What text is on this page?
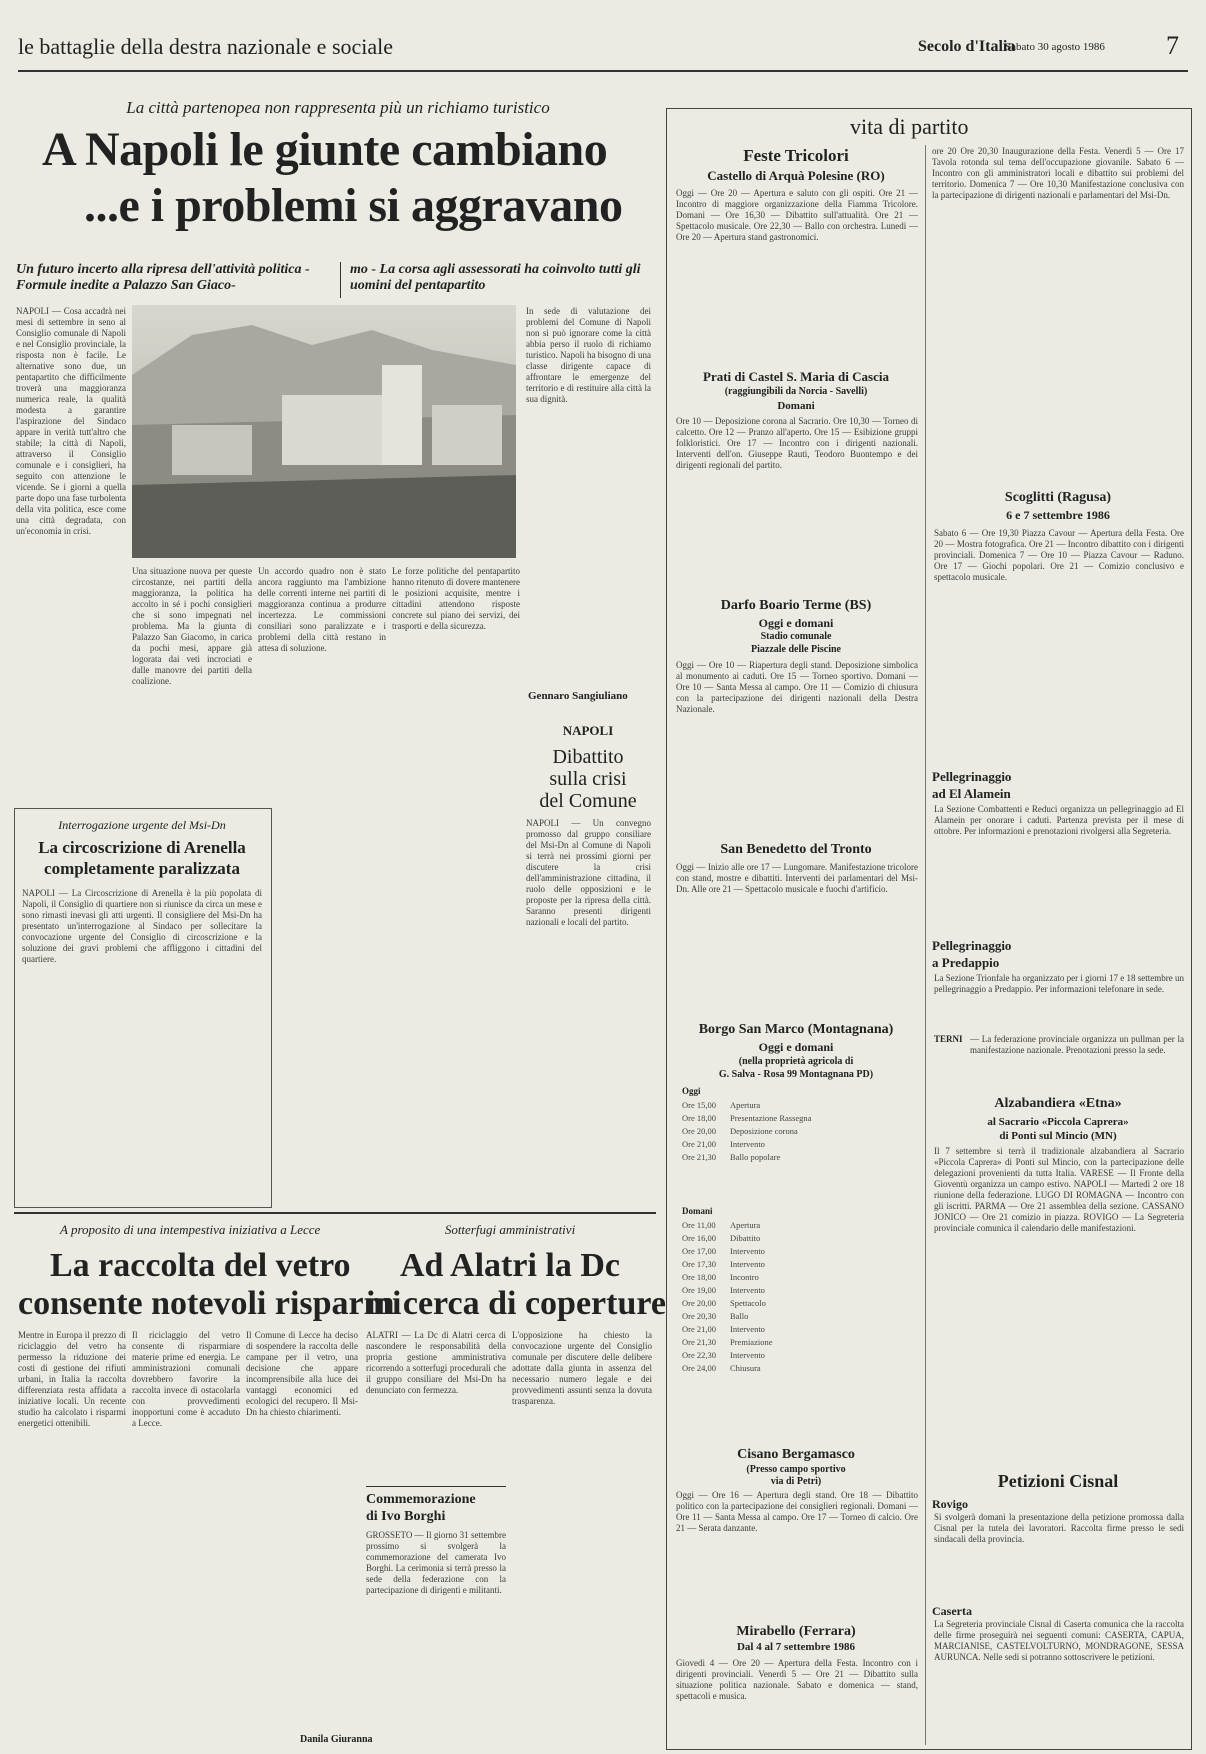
le battaglie della destra nazionale e sociale	Secolo d'Italia
Sabato 30 agosto 1986 7
La città partenopea non rappresenta più un richiamo turistico
A Napoli le giunte cambiano
...e i problemi si aggravano
Un futuro incerto alla ripresa dell'attività politica - Formule inedite a Palazzo San Giaco-
mo - La corsa agli assessorati ha coinvolto tutti gli uomini del pentapartito
NAPOLI — Cosa accadrà nei mesi di settembre in seno al Consiglio comunale di Napoli e nel Consiglio provinciale, la risposta non è facile. Le alternative sono due, un pentapartito che difficilmente troverà una maggioranza numerica reale, la qualità modesta a garantire l'aspirazione del Sindaco appare in verità tutt'altro che stabile; la città di Napoli, attraverso il Consiglio comunale e i consiglieri, ha seguito con attenzione le vicende. Se i giorni a quella parte dopo una fase turbolenta della vita politica, esce come una città degradata, con un'economia in crisi.
Una situazione nuova per queste circostanze, nei partiti della maggioranza, la politica ha accolto in sé i pochi consiglieri che si sono impegnati nel problema. Ma la giunta di Palazzo San Giacomo, in carica da pochi mesi, appare già logorata dai veti incrociati e dalle manovre dei partiti della coalizione.
Un accordo quadro non è stato ancora raggiunto ma l'ambizione delle correnti interne nei partiti di maggioranza continua a produrre incertezza. Le commissioni consiliari sono paralizzate e i problemi della città restano in attesa di soluzione.
Le forze politiche del pentapartito hanno ritenuto di dovere mantenere le posizioni acquisite, mentre i cittadini attendono risposte concrete sul piano dei servizi, dei trasporti e della sicurezza.
In sede di valutazione dei problemi del Comune di Napoli non si può ignorare come la città abbia perso il ruolo di richiamo turistico. Napoli ha bisogno di una classe dirigente capace di affrontare le emergenze del territorio e di restituire alla città la sua dignità.
Gennaro Sangiuliano
Interrogazione urgente del Msi-Dn
La circoscrizione di Arenella
completamente paralizzata
NAPOLI — La Circoscrizione di Arenella è la più popolata di Napoli, il Consiglio di quartiere non si riunisce da circa un mese e sono rimasti inevasi gli atti urgenti. Il consigliere del Msi-Dn ha presentato un'interrogazione al Sindaco per sollecitare la convocazione urgente del Consiglio di circoscrizione e la soluzione dei gravi problemi che affliggono i cittadini del quartiere.
NAPOLI
Dibattito
sulla crisi
del Comune
NAPOLI — Un convegno promosso dal gruppo consiliare del Msi-Dn al Comune di Napoli si terrà nei prossimi giorni per discutere la crisi dell'amministrazione cittadina, il ruolo delle opposizioni e le proposte per la ripresa della città. Saranno presenti dirigenti nazionali e locali del partito.
A proposito di una intempestiva iniziativa a Lecce
La raccolta del vetro
consente notevoli risparmi
Mentre in Europa il prezzo di riciclaggio del vetro ha permesso la riduzione dei costi di gestione dei rifiuti urbani, in Italia la raccolta differenziata resta affidata a iniziative locali. Un recente studio ha calcolato i risparmi energetici ottenibili.
Il riciclaggio del vetro consente di risparmiare materie prime ed energia. Le amministrazioni comunali dovrebbero favorire la raccolta invece di ostacolarla con provvedimenti inopportuni come è accaduto a Lecce.
Il Comune di Lecce ha deciso di sospendere la raccolta delle campane per il vetro, una decisione che appare incomprensibile alla luce dei vantaggi economici ed ecologici del recupero. Il Msi-Dn ha chiesto chiarimenti.
Sotterfugi amministrativi
Ad Alatri la Dc
in cerca di coperture
ALATRI — La Dc di Alatri cerca di nascondere le responsabilità della propria gestione amministrativa ricorrendo a sotterfugi procedurali che il gruppo consiliare del Msi-Dn ha denunciato con fermezza.
L'opposizione ha chiesto la convocazione urgente del Consiglio comunale per discutere delle delibere adottate dalla giunta in assenza del necessario numero legale e dei provvedimenti assunti senza la dovuta trasparenza.
Commemorazione
di Ivo Borghi
GROSSETO — Il giorno 31 settembre prossimo si svolgerà la commemorazione del camerata Ivo Borghi. La cerimonia si terrà presso la sede della federazione con la partecipazione di dirigenti e militanti.
Danila Giuranna
vita di partito
Feste Tricolori
Castello di Arquà Polesine (RO)
Oggi — Ore 20 — Apertura e saluto con gli ospiti. Ore 21 — Incontro di maggiore organizzazione della Fiamma Tricolore. Domani — Ore 16,30 — Dibattito sull'attualità. Ore 21 — Spettacolo musicale. Ore 22,30 — Ballo con orchestra. Lunedì — Ore 20 — Apertura stand gastronomici.
Prati di Castel S. Maria di Cascia
(raggiungibili da Norcia - Savelli)
Domani
Ore 10 — Deposizione corona al Sacrario. Ore 10,30 — Torneo di calcetto. Ore 12 — Pranzo all'aperto. Ore 15 — Esibizione gruppi folkloristici. Ore 17 — Incontro con i dirigenti nazionali. Interventi dell'on. Giuseppe Rauti, Teodoro Buontempo e dei dirigenti regionali del partito.
Darfo Boario Terme (BS)
Oggi e domani
Stadio comunale
Piazzale delle Piscine
Oggi — Ore 10 — Riapertura degli stand. Deposizione simbolica al monumento ai caduti. Ore 15 — Torneo sportivo. Domani — Ore 10 — Santa Messa al campo. Ore 11 — Comizio di chiusura con la partecipazione dei dirigenti nazionali della Destra Nazionale.
San Benedetto del Tronto
Oggi — Inizio alle ore 17 — Lungomare. Manifestazione tricolore con stand, mostre e dibattiti. Interventi dei parlamentari del Msi-Dn. Alle ore 21 — Spettacolo musicale e fuochi d'artificio.
Borgo San Marco (Montagnana)
Oggi e domani
(nella proprietà agricola di
G. Salva - Rosa 99 Montagnana PD)
Oggi
Domani
Ore 15,00 Apertura
Ore 18,00 Presentazione Rassegna
Ore 20,00 Deposizione corona
Ore 21,00 Intervento
Ore 21,30 Ballo popolare
Ore 11,00 Apertura
Ore 16,00 Dibattito
Ore 17,00 Intervento
Ore 17,30 Intervento
Ore 18,00 Incontro
Ore 19,00 Intervento
Ore 20,00 Spettacolo
Ore 20,30 Ballo
Ore 21,00 Intervento
Ore 21,30 Premiazione
Ore 22,30 Intervento
Ore 24,00 Chiusura
Cisano Bergamasco
(Presso campo sportivo
via di Petri)
Oggi — Ore 16 — Apertura degli stand. Ore 18 — Dibattito politico con la partecipazione dei consiglieri regionali. Domani — Ore 11 — Santa Messa al campo. Ore 17 — Torneo di calcio. Ore 21 — Serata danzante.
Mirabello (Ferrara)
Dal 4 al 7 settembre 1986
Giovedì 4 — Ore 20 — Apertura della Festa. Incontro con i dirigenti provinciali. Venerdì 5 — Ore 21 — Dibattito sulla situazione politica nazionale. Sabato e domenica — stand, spettacoli e musica.
ore 20 Ore 20,30 Inaugurazione della Festa. Venerdì 5 — Ore 17 Tavola rotonda sul tema dell'occupazione giovanile. Sabato 6 — Incontro con gli amministratori locali e dibattito sui problemi del territorio. Domenica 7 — Ore 10,30 Manifestazione conclusiva con la partecipazione di dirigenti nazionali e parlamentari del Msi-Dn.
Scoglitti (Ragusa)
6 e 7 settembre 1986
Sabato 6 — Ore 19,30 Piazza Cavour — Apertura della Festa. Ore 20 — Mostra fotografica. Ore 21 — Incontro dibattito con i dirigenti provinciali. Domenica 7 — Ore 10 — Piazza Cavour — Raduno. Ore 17 — Giochi popolari. Ore 21 — Comizio conclusivo e spettacolo musicale.
Pellegrinaggio
ad El Alamein
La Sezione Combattenti e Reduci organizza un pellegrinaggio ad El Alamein per onorare i caduti. Partenza prevista per il mese di ottobre. Per informazioni e prenotazioni rivolgersi alla Segreteria.
Pellegrinaggio
a Predappio
La Sezione Trionfale ha organizzato per i giorni 17 e 18 settembre un pellegrinaggio a Predappio. Per informazioni telefonare in sede.
TERNI — La federazione provinciale organizza un pullman per la manifestazione nazionale. Prenotazioni presso la sede.
Alzabandiera «Etna»
al Sacrario «Piccola Caprera»
di Ponti sul Mincio (MN)
Il 7 settembre si terrà il tradizionale alzabandiera al Sacrario «Piccola Caprera» di Ponti sul Mincio, con la partecipazione delle delegazioni provenienti da tutta Italia. VARESE — Il Fronte della Gioventù organizza un campo estivo. NAPOLI — Martedì 2 ore 18 riunione della federazione. LUGO DI ROMAGNA — Incontro con gli iscritti. PARMA — Ore 21 assemblea della sezione. CASSANO JONICO — Ore 21 comizio in piazza. ROVIGO — La Segreteria provinciale comunica il calendario delle manifestazioni.
Petizioni Cisnal
Rovigo
Si svolgerà domani la presentazione della petizione promossa dalla Cisnal per la tutela dei lavoratori. Raccolta firme presso le sedi sindacali della provincia.
Caserta
La Segreteria provinciale Cisnal di Caserta comunica che la raccolta delle firme proseguirà nei seguenti comuni: CASERTA, CAPUA, MARCIANISE, CASTELVOLTURNO, MONDRAGONE, SESSA AURUNCA. Nelle sedi si potranno sottoscrivere le petizioni.
